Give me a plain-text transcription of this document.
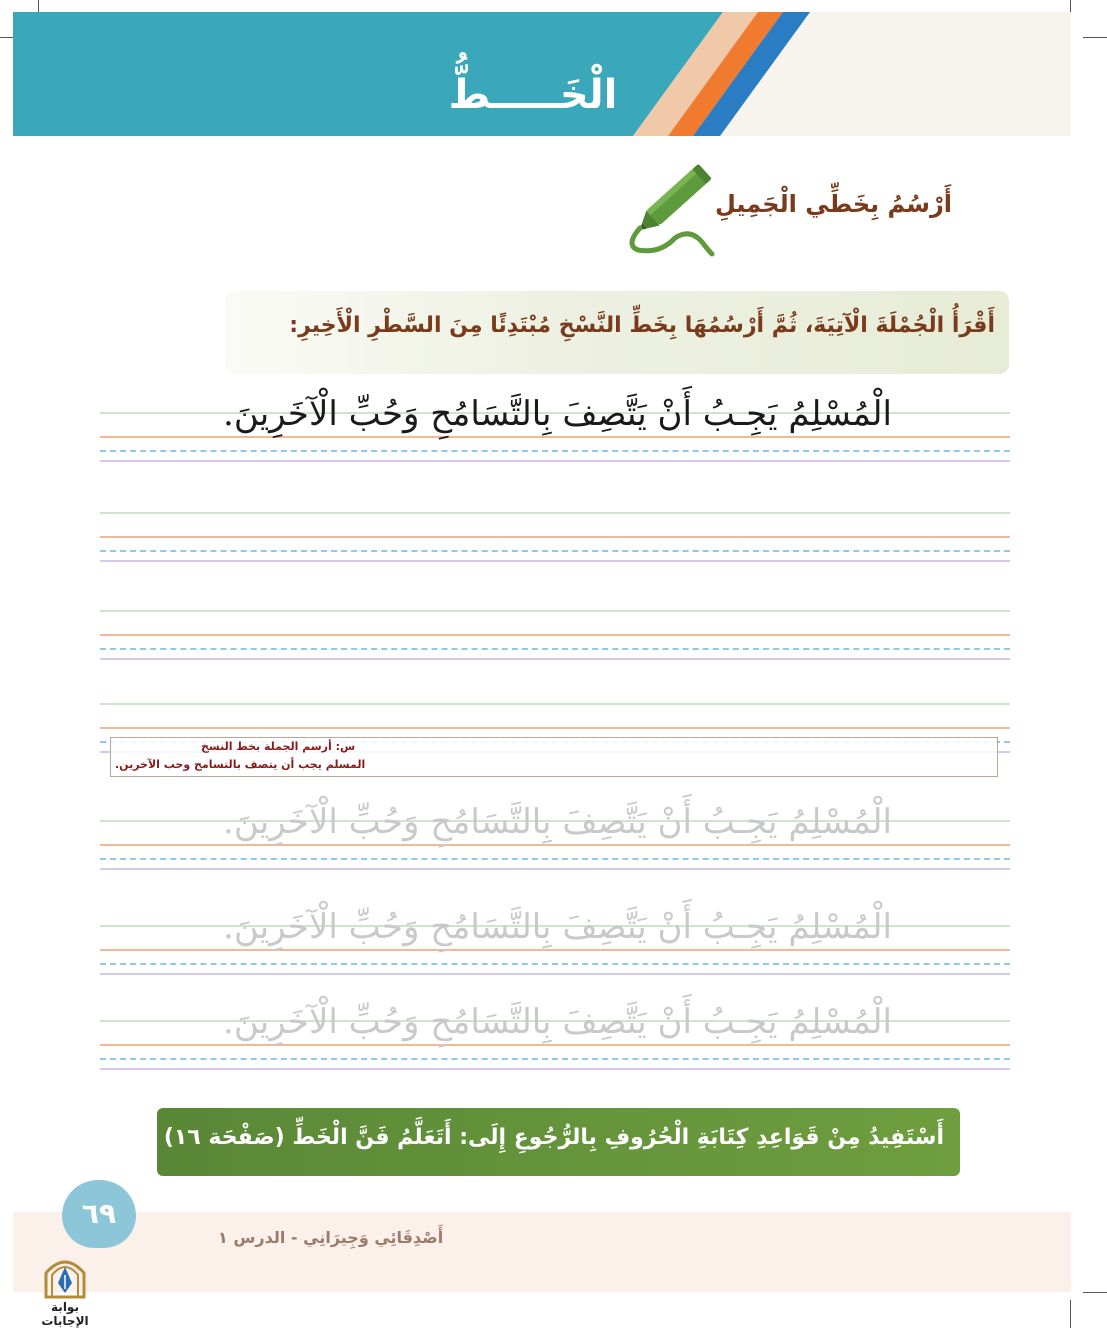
الْخَـــــطُّ
أَرْسُمُ بِخَطِّي الْجَمِيلِ
أَقْرَأُ الْجُمْلَةَ الْآتِيَةَ، ثُمَّ أَرْسُمُهَا بِخَطِّ النَّسْخِ مُبْتَدِئًا مِنَ السَّطْرِ الْأَخِيرِ:
الْمُسْلِمُ يَجِـبُ أَنْ يَتَّصِفَ بِالتَّسَامُحِ وَحُبِّ الْآخَرِينَ.
س: أرسم الجملة بخط النسخ
المسلم يجب أن يتصف بالتسامح وحب الآخرين.
الْمُسْلِمُ يَجِـبُ أَنْ يَتَّصِفَ بِالتَّسَامُحِ وَحُبِّ الْآخَرِينَ.
الْمُسْلِمُ يَجِـبُ أَنْ يَتَّصِفَ بِالتَّسَامُحِ وَحُبِّ الْآخَرِينَ.
الْمُسْلِمُ يَجِـبُ أَنْ يَتَّصِفَ بِالتَّسَامُحِ وَحُبِّ الْآخَرِينَ.
أَسْتَفِيدُ مِنْ قَوَاعِدِ كِتَابَةِ الْحُرُوفِ بِالرُّجُوعِ إِلَى: أَتَعَلَّمُ فَنَّ الْخَطِّ (صَفْحَة ١٦)
٦٩
أَصْدِقَائِي وَجِيرَانِي - الدرس ١
بوابة الإجابات
